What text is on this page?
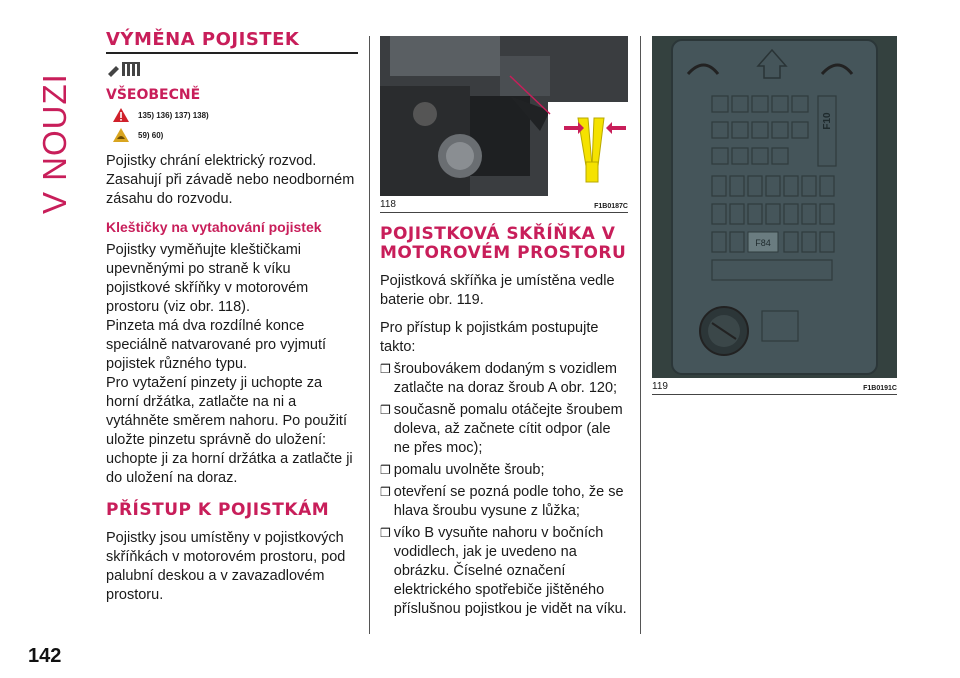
V NOUZI
142
VÝMĚNA POJISTEK
VŠEOBECNĚ
135) 136) 137) 138)
59) 60)

Pojistky chrání elektrický rozvod. Zasahují při závadě nebo neodborném zásahu do rozvodu.

Kleštičky na vytahování pojistek

Pojistky vyměňujte kleštičkami upevněnými po straně k víku pojistkové skříňky v motorovém prostoru (viz obr. 118).

Pinzeta má dva rozdílné konce speciálně natvarované pro vyjmutí pojistek různého typu.

Pro vytažení pinzety ji uchopte za horní držátka, zatlačte na ni a vytáhněte směrem nahoru. Po použití uložte pinzetu správně do uložení: uchopte ji za horní držátka a zatlačte ji do uložení na doraz.

PŘÍSTUP K POJISTKÁM

Pojistky jsou umístěny v pojistkových skříňkách v motorovém prostoru, pod palubní deskou a v zavazadlovém prostoru.

118	F1B0187C
POJISTKOVÁ SKŘÍŇKA V MOTOROVÉM PROSTORU

Pojistková skříňka je umístěna vedle baterie obr. 119.

Pro přístup k pojistkám postupujte takto:

❒ šroubovákem dodaným s vozidlem zatlačte na doraz šroub A obr. 120;
❒ současně pomalu otáčejte šroubem doleva, až začnete cítit odpor (ale ne přes moc);
❒ pomalu uvolněte šroub;
❒ otevření se pozná podle toho, že se hlava šroubu vysune z lůžka;
❒ víko B vysuňte nahoru v bočních vodidlech, jak je uvedeno na obrázku. Číselné označení elektrického spotřebiče jištěného příslušnou pojistkou je vidět na víku.
F84
F10
119	F1B0191C
